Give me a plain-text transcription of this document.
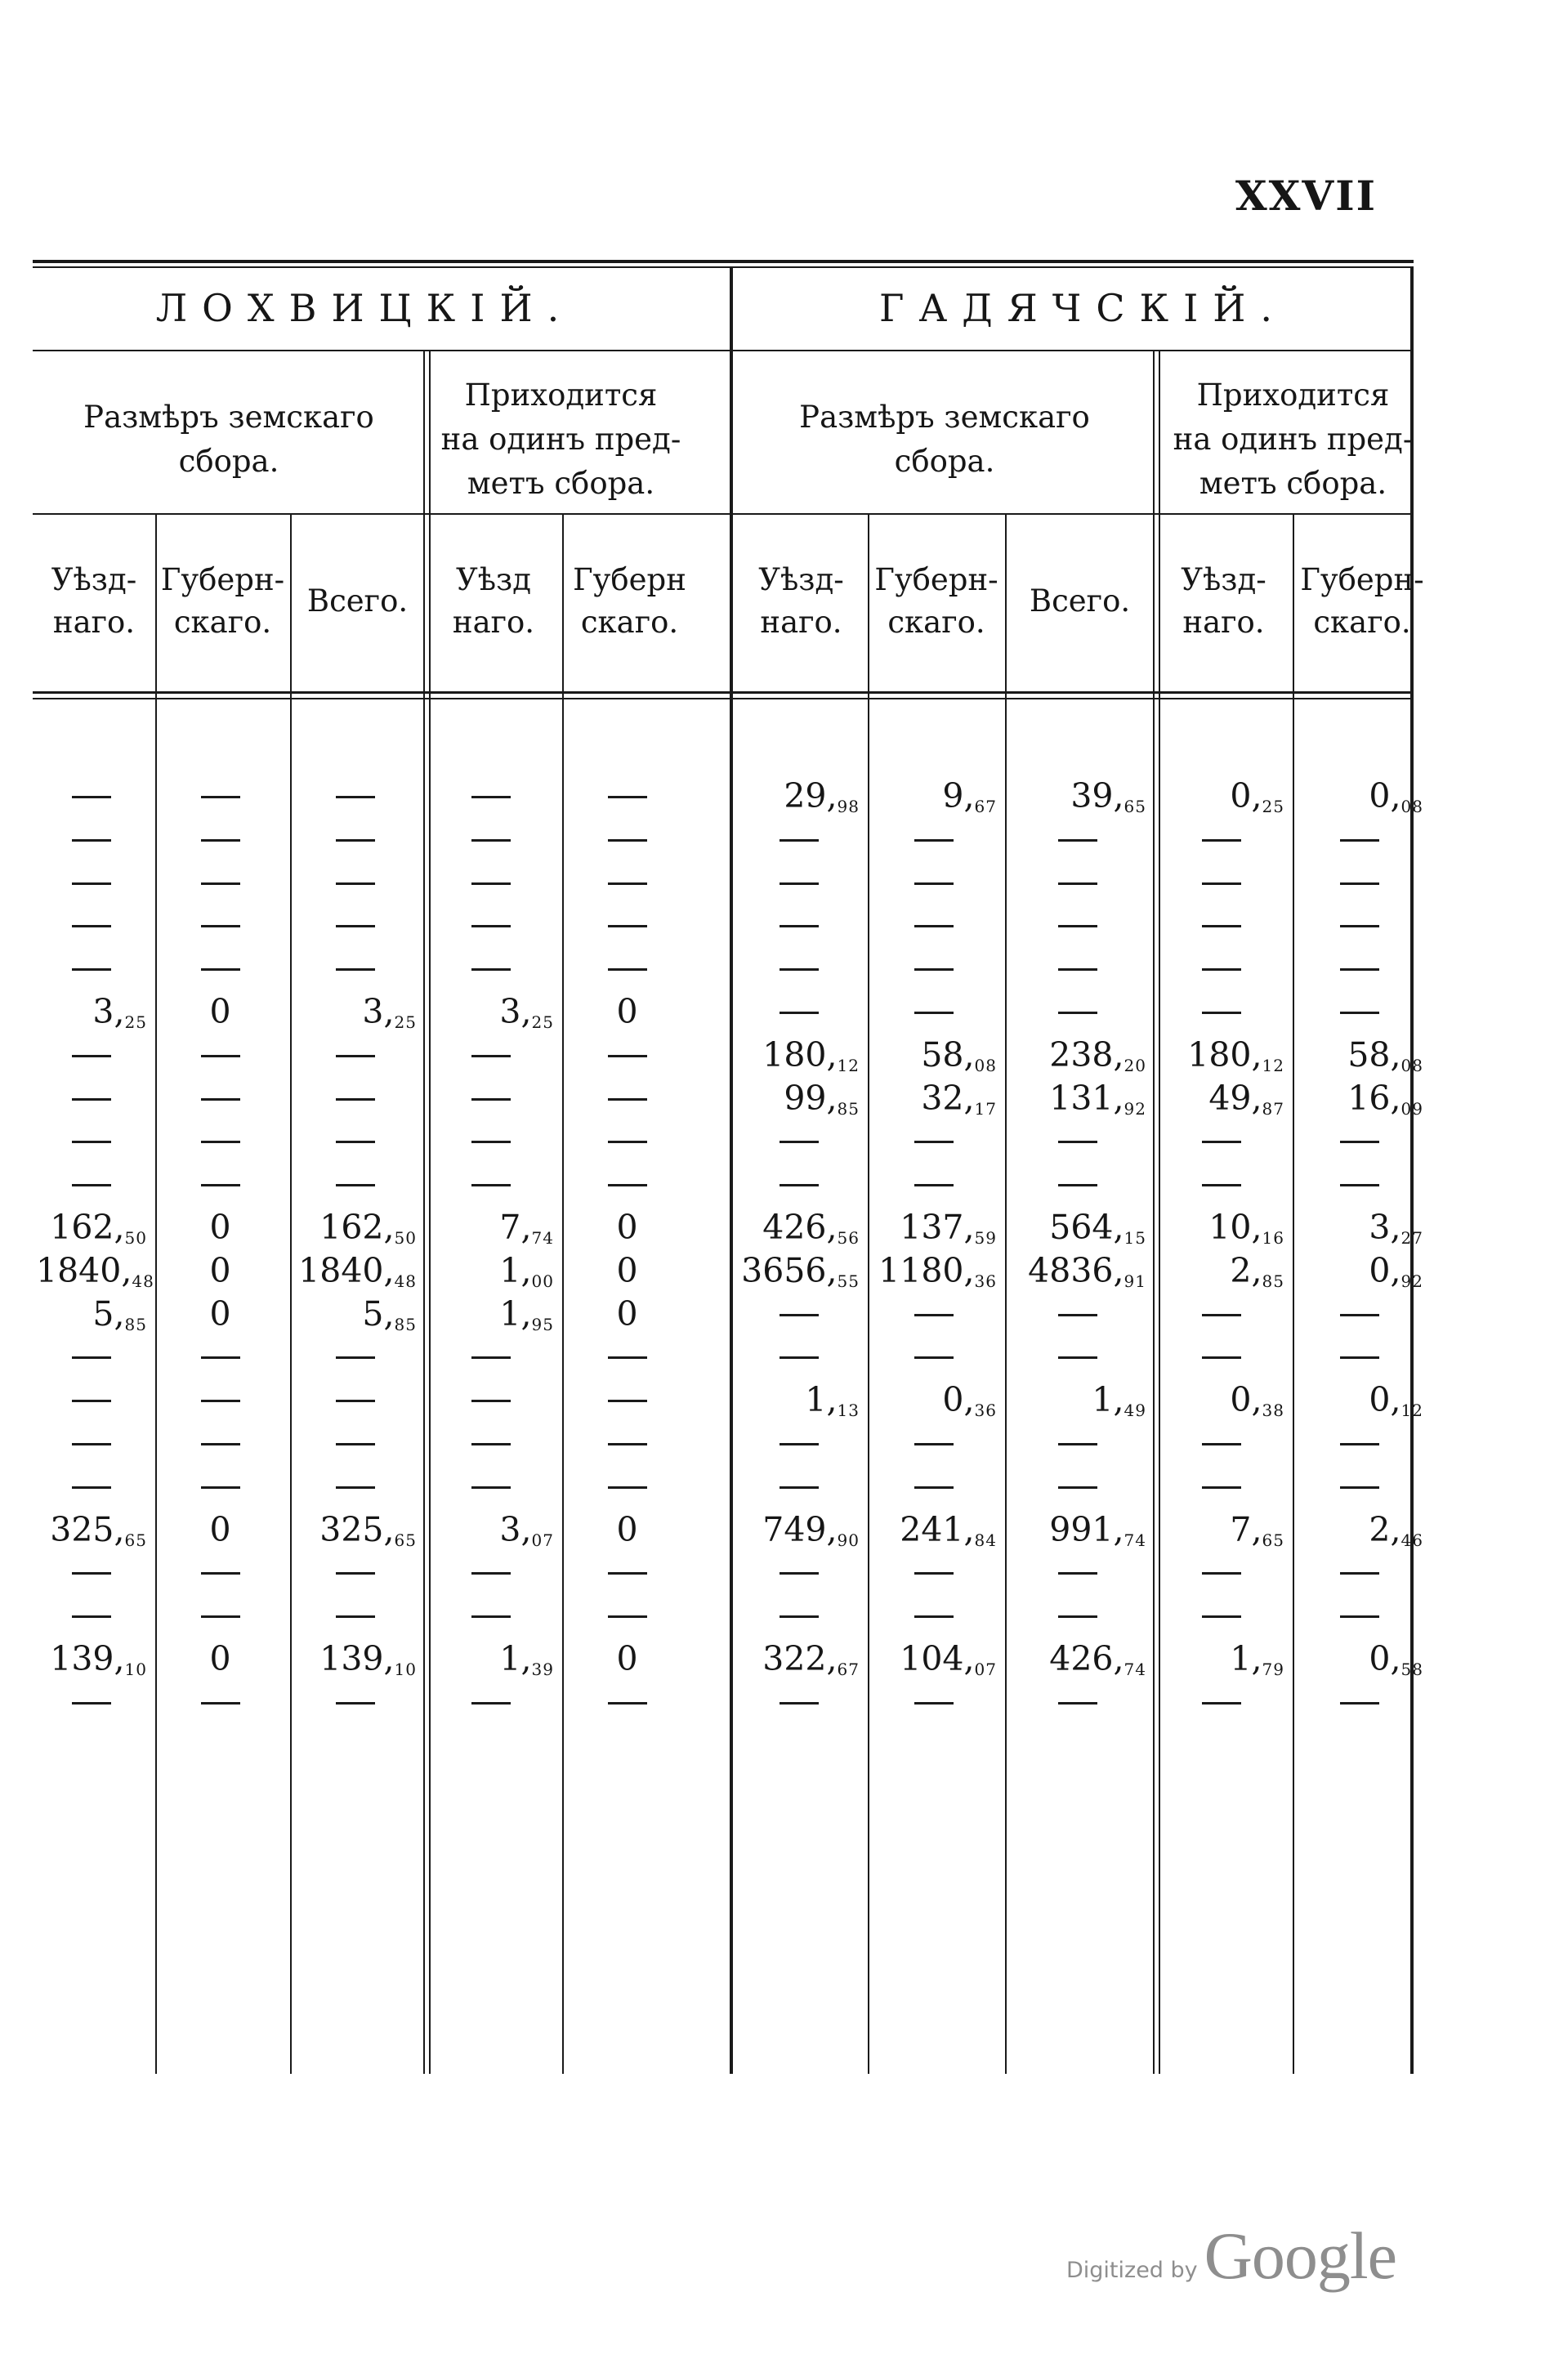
XXVII
ЛОХВИЦКІЙ.
Размѣръ земскаго
сбора.
Приходится
на одинъ пред-
метъ сбора.
Уѣзд-
наго.
Губерн-
скаго.
Всего.
Уѣзд
наго.
Губерн
скаго.
$3,_{25}$	0	$3,_{25}$	$3,_{25}$	0
$162,_{50}$	0	$162,_{50}$	$7,_{74}$	0
$1840,_{48}$	0	$1840,_{48}$	$1,_{00}$	0
$5,_{85}$	0	$5,_{85}$	$1,_{95}$	0
$325,_{65}$	0	$325,_{65}$	$3,_{07}$	0
$139,_{10}$	0	$139,_{10}$	$1,_{39}$	0
ГАДЯЧСКІЙ.
Размѣръ земскаго
сбора.
Приходится
на одинъ пред-
метъ сбора.
Уѣзд-
наго.
Губерн-
скаго.
Всего.
Уѣзд-
наго.
Губерн-
скаго.
$29,_{98}$	$9,_{67}$	$39,_{65}$	$0,_{25}$	$0,_{08}$
$180,_{12}$	$58,_{08}$	$238,_{20}$	$180,_{12}$	$58,_{08}$
$99,_{85}$	$32,_{17}$	$131,_{92}$	$49,_{87}$	$16,_{09}$
$426,_{56}$	$137,_{59}$	$564,_{15}$	$10,_{16}$	$3,_{27}$
$3656,_{55}$ $1180,_{36}$ $4836,_{91}$	$2,_{85}$	$0,_{92}$
$1,_{13}$	$0,_{36}$	$1,_{49}$	$0,_{38}$	$0,_{12}$
$749,_{90}$	$241,_{84}$	$991,_{74}$	$7,_{65}$	$2,_{46}$
$322,_{67}$	$104,_{07}$	$426,_{74}$	$1,_{79}$	$0,_{58}$
Digitized by Google
